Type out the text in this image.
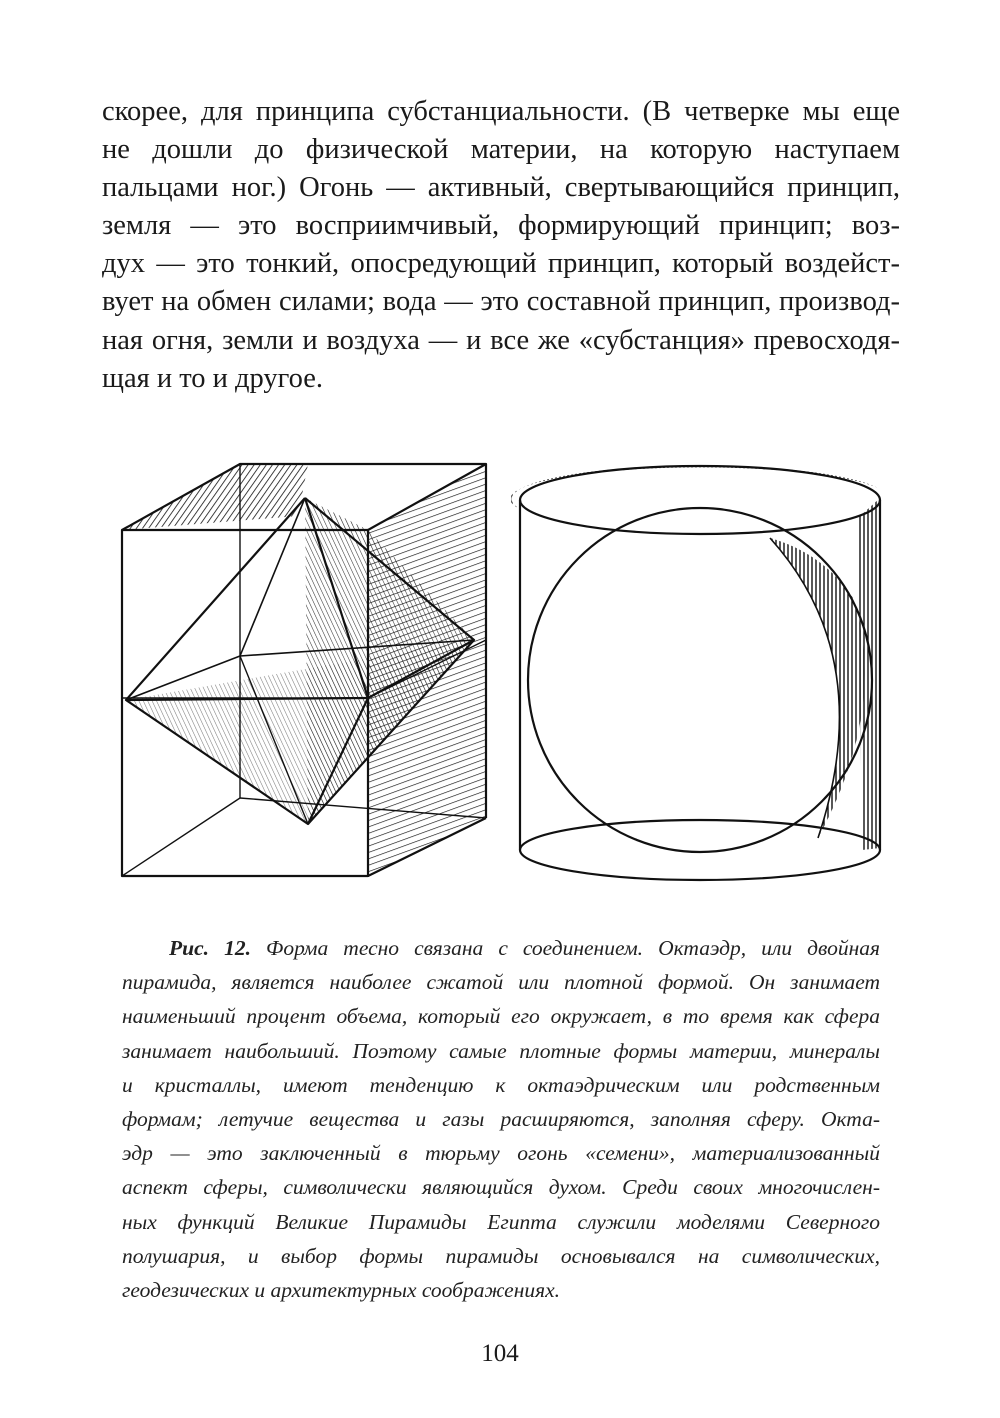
скорее, для принципа субстанциальности. (В четверке мы еще
не дошли до физической материи, на которую наступаем
пальцами ног.) Огонь — активный, свертывающийся принцип,
земля — это восприимчивый, формирующий принцип; воз-
дух — это тонкий, опосредующий принцип, который воздейст-
вует на обмен силами; вода — это составной принцип, производ-
ная огня, земли и воздуха — и все же «субстанция» превосходя-
щая и то и другое.
Рис. 12. Форма тесно связана с соединением. Октаэдр, или двойная
пирамида, является наиболее сжатой или плотной формой. Он занимает
наименьший процент объема, который его окружает, в то время как сфера
занимает наибольший. Поэтому самые плотные формы материи, минералы
и кристаллы, имеют тенденцию к октаэдрическим или родственным
формам; летучие вещества и газы расширяются, заполняя сферу. Окта-
эдр — это заключенный в тюрьму огонь «семени», материализованный
аспект сферы, символически являющийся духом. Среди своих многочислен-
ных функций Великие Пирамиды Египта служили моделями Северного
полушария, и выбор формы пирамиды основывался на символических,
геодезических и архитектурных соображениях.
104
